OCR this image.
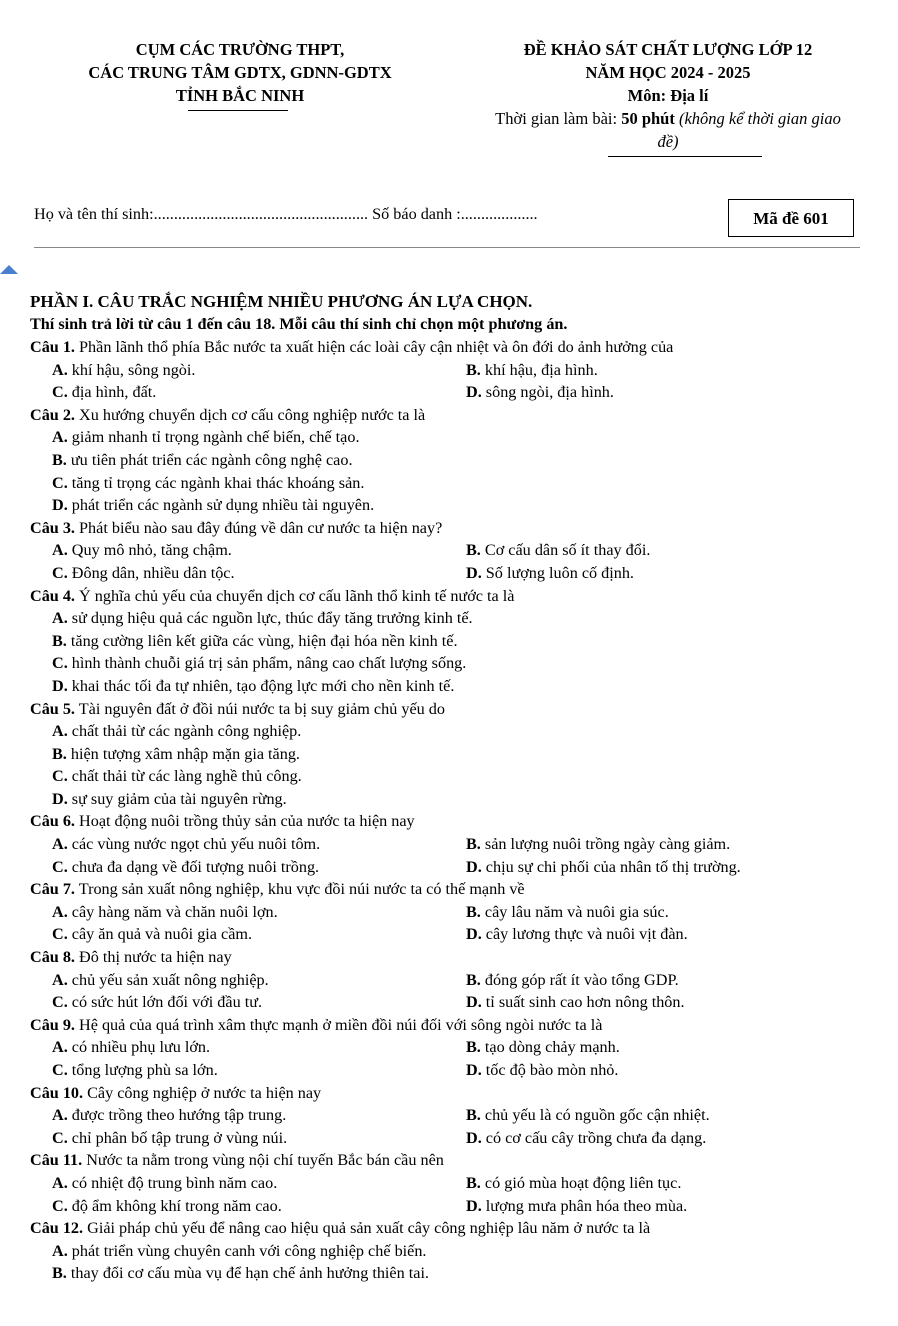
CỤM CÁC TRƯỜNG THPT,
CÁC TRUNG TÂM GDTX, GDNN-GDTX
TỈNH BẮC NINH
ĐỀ KHẢO SÁT CHẤT LƯỢNG LỚP 12
NĂM HỌC 2024 - 2025
Môn: Địa lí
Thời gian làm bài: 50 phút (không kể thời gian giao
đề)
Họ và tên thí sinh:..................................................... Số báo danh :...................	Mã đề 601
PHẦN I. CÂU TRẮC NGHIỆM NHIỀU PHƯƠNG ÁN LỰA CHỌN.
Thí sinh trả lời từ câu 1 đến câu 18. Mỗi câu thí sinh chỉ chọn một phương án.
Câu 1. Phần lãnh thổ phía Bắc nước ta xuất hiện các loài cây cận nhiệt và ôn đới do ảnh hưởng của
A. khí hậu, sông ngòi.	B. khí hậu, địa hình.
C. địa hình, đất.	D. sông ngòi, địa hình.
Câu 2. Xu hướng chuyển dịch cơ cấu công nghiệp nước ta là
A. giảm nhanh tỉ trọng ngành chế biến, chế tạo.
B. ưu tiên phát triển các ngành công nghệ cao.
C. tăng tỉ trọng các ngành khai thác khoáng sản.
D. phát triển các ngành sử dụng nhiều tài nguyên.
Câu 3. Phát biểu nào sau đây đúng về dân cư nước ta hiện nay?
A. Quy mô nhỏ, tăng chậm.	B. Cơ cấu dân số ít thay đổi.
C. Đông dân, nhiều dân tộc.	D. Số lượng luôn cố định.
Câu 4. Ý nghĩa chủ yếu của chuyển dịch cơ cấu lãnh thổ kinh tế nước ta là
A. sử dụng hiệu quả các nguồn lực, thúc đẩy tăng trưởng kinh tế.
B. tăng cường liên kết giữa các vùng, hiện đại hóa nền kinh tế.
C. hình thành chuỗi giá trị sản phẩm, nâng cao chất lượng sống.
D. khai thác tối đa tự nhiên, tạo động lực mới cho nền kinh tế.
Câu 5. Tài nguyên đất ở đồi núi nước ta bị suy giảm chủ yếu do
A. chất thải từ các ngành công nghiệp.
B. hiện tượng xâm nhập mặn gia tăng.
C. chất thải từ các làng nghề thủ công.
D. sự suy giảm của tài nguyên rừng.
Câu 6. Hoạt động nuôi trồng thủy sản của nước ta hiện nay
A. các vùng nước ngọt chủ yếu nuôi tôm.	B. sản lượng nuôi trồng ngày càng giảm.
C. chưa đa dạng về đối tượng nuôi trồng.	D. chịu sự chi phối của nhân tố thị trường.
Câu 7. Trong sản xuất nông nghiệp, khu vực đồi núi nước ta có thế mạnh về
A. cây hàng năm và chăn nuôi lợn.	B. cây lâu năm và nuôi gia súc.
C. cây ăn quả và nuôi gia cầm.	D. cây lương thực và nuôi vịt đàn.
Câu 8. Đô thị nước ta hiện nay
A. chủ yếu sản xuất nông nghiệp.	B. đóng góp rất ít vào tổng GDP.
C. có sức hút lớn đối với đầu tư.	D. tỉ suất sinh cao hơn nông thôn.
Câu 9. Hệ quả của quá trình xâm thực mạnh ở miền đồi núi đối với sông ngòi nước ta là
A. có nhiều phụ lưu lớn.	B. tạo dòng chảy mạnh.
C. tổng lượng phù sa lớn.	D. tốc độ bào mòn nhỏ.
Câu 10. Cây công nghiệp ở nước ta hiện nay
A. được trồng theo hướng tập trung.	B. chủ yếu là có nguồn gốc cận nhiệt.
C. chỉ phân bố tập trung ở vùng núi.	D. có cơ cấu cây trồng chưa đa dạng.
Câu 11. Nước ta nằm trong vùng nội chí tuyến Bắc bán cầu nên
A. có nhiệt độ trung bình năm cao.	B. có gió mùa hoạt động liên tục.
C. độ ẩm không khí trong năm cao.	D. lượng mưa phân hóa theo mùa.
Câu 12. Giải pháp chủ yếu để nâng cao hiệu quả sản xuất cây công nghiệp lâu năm ở nước ta là
A. phát triển vùng chuyên canh với công nghiệp chế biến.
B. thay đổi cơ cấu mùa vụ để hạn chế ảnh hưởng thiên tai.
